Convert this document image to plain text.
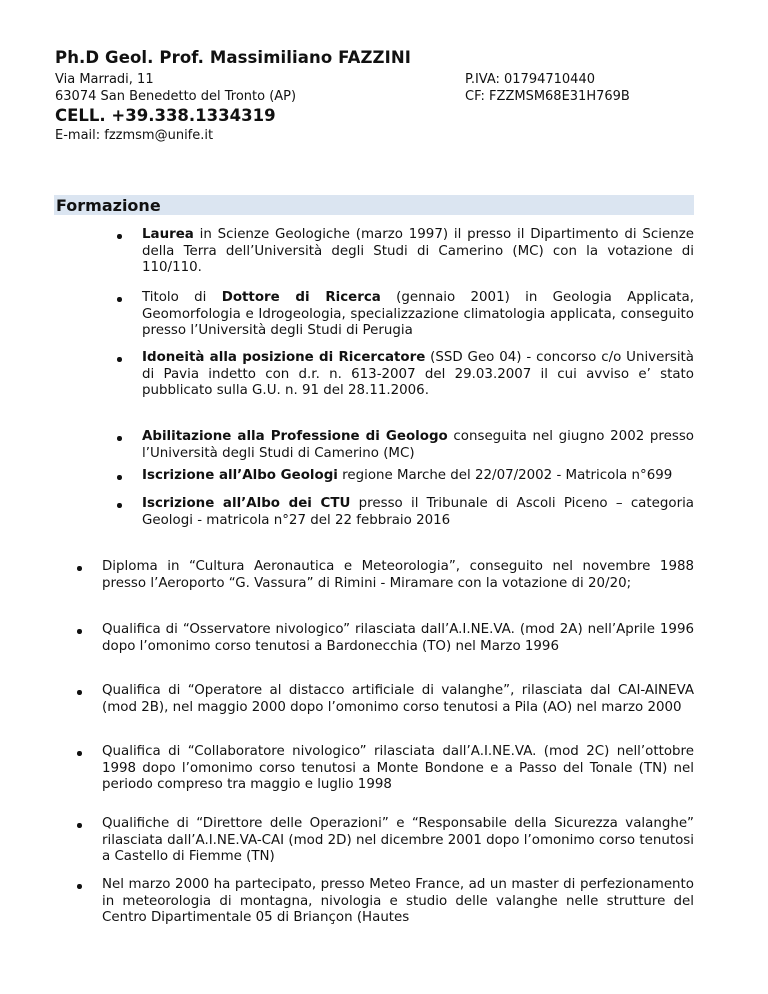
Ph.D Geol. Prof. Massimiliano FAZZINI
Via Marradi, 11
63074 San Benedetto del Tronto (AP)
P.IVA: 01794710440
CF: FZZMSM68E31H769B
CELL. +39.338.1334319
E-mail: fzzmsm@unife.it
Formazione

Laurea in Scienze Geologiche (marzo 1997) il presso il Dipartimento di Scienze della Terra dell’Università degli Studi di Camerino (MC) con la votazione di 110/110.

Titolo di Dottore di Ricerca (gennaio 2001) in Geologia Applicata, Geomorfologia e Idrogeologia, specializzazione climatologia applicata, conseguito presso l’Università degli Studi di Perugia

Idoneità alla posizione di Ricercatore (SSD Geo 04) - concorso c/o Università di Pavia indetto con d.r. n. 613-2007 del 29.03.2007 il cui avviso e’ stato pubblicato sulla G.U. n. 91 del 28.11.2006.

Abilitazione alla Professione di Geologo conseguita nel giugno 2002 presso l’Università degli Studi di Camerino (MC)

Iscrizione all’Albo Geologi regione Marche del 22/07/2002 - Matricola n°699

Iscrizione all’Albo dei CTU presso il Tribunale di Ascoli Piceno – categoria Geologi - matricola n°27 del 22 febbraio 2016

Diploma in “Cultura Aeronautica e Meteorologia”, conseguito nel novembre 1988 presso l’Aeroporto “G. Vassura” di Rimini - Miramare con la votazione di 20/20;

Qualifica di “Osservatore nivologico” rilasciata dall’A.I.NE.VA. (mod 2A) nell’Aprile 1996 dopo l’omonimo corso tenutosi a Bardonecchia (TO) nel Marzo 1996

Qualifica di “Operatore al distacco artificiale di valanghe”, rilasciata dal CAI-AINEVA (mod 2B), nel maggio 2000 dopo l’omonimo corso tenutosi a Pila (AO) nel marzo 2000

Qualifica di “Collaboratore nivologico” rilasciata dall’A.I.NE.VA. (mod 2C) nell’ottobre 1998 dopo l’omonimo corso tenutosi a Monte Bondone e a Passo del Tonale (TN) nel periodo compreso tra maggio e luglio 1998

Qualifiche di “Direttore delle Operazioni” e “Responsabile della Sicurezza valanghe” rilasciata dall’A.I.NE.VA-CAI (mod 2D) nel dicembre 2001 dopo l’omonimo corso tenutosi a Castello di Fiemme (TN)

Nel marzo 2000 ha partecipato, presso Meteo France, ad un master di perfezionamento in meteorologia di montagna, nivologia e studio delle valanghe nelle strutture del Centro Dipartimentale 05 di Briançon (Hautes
